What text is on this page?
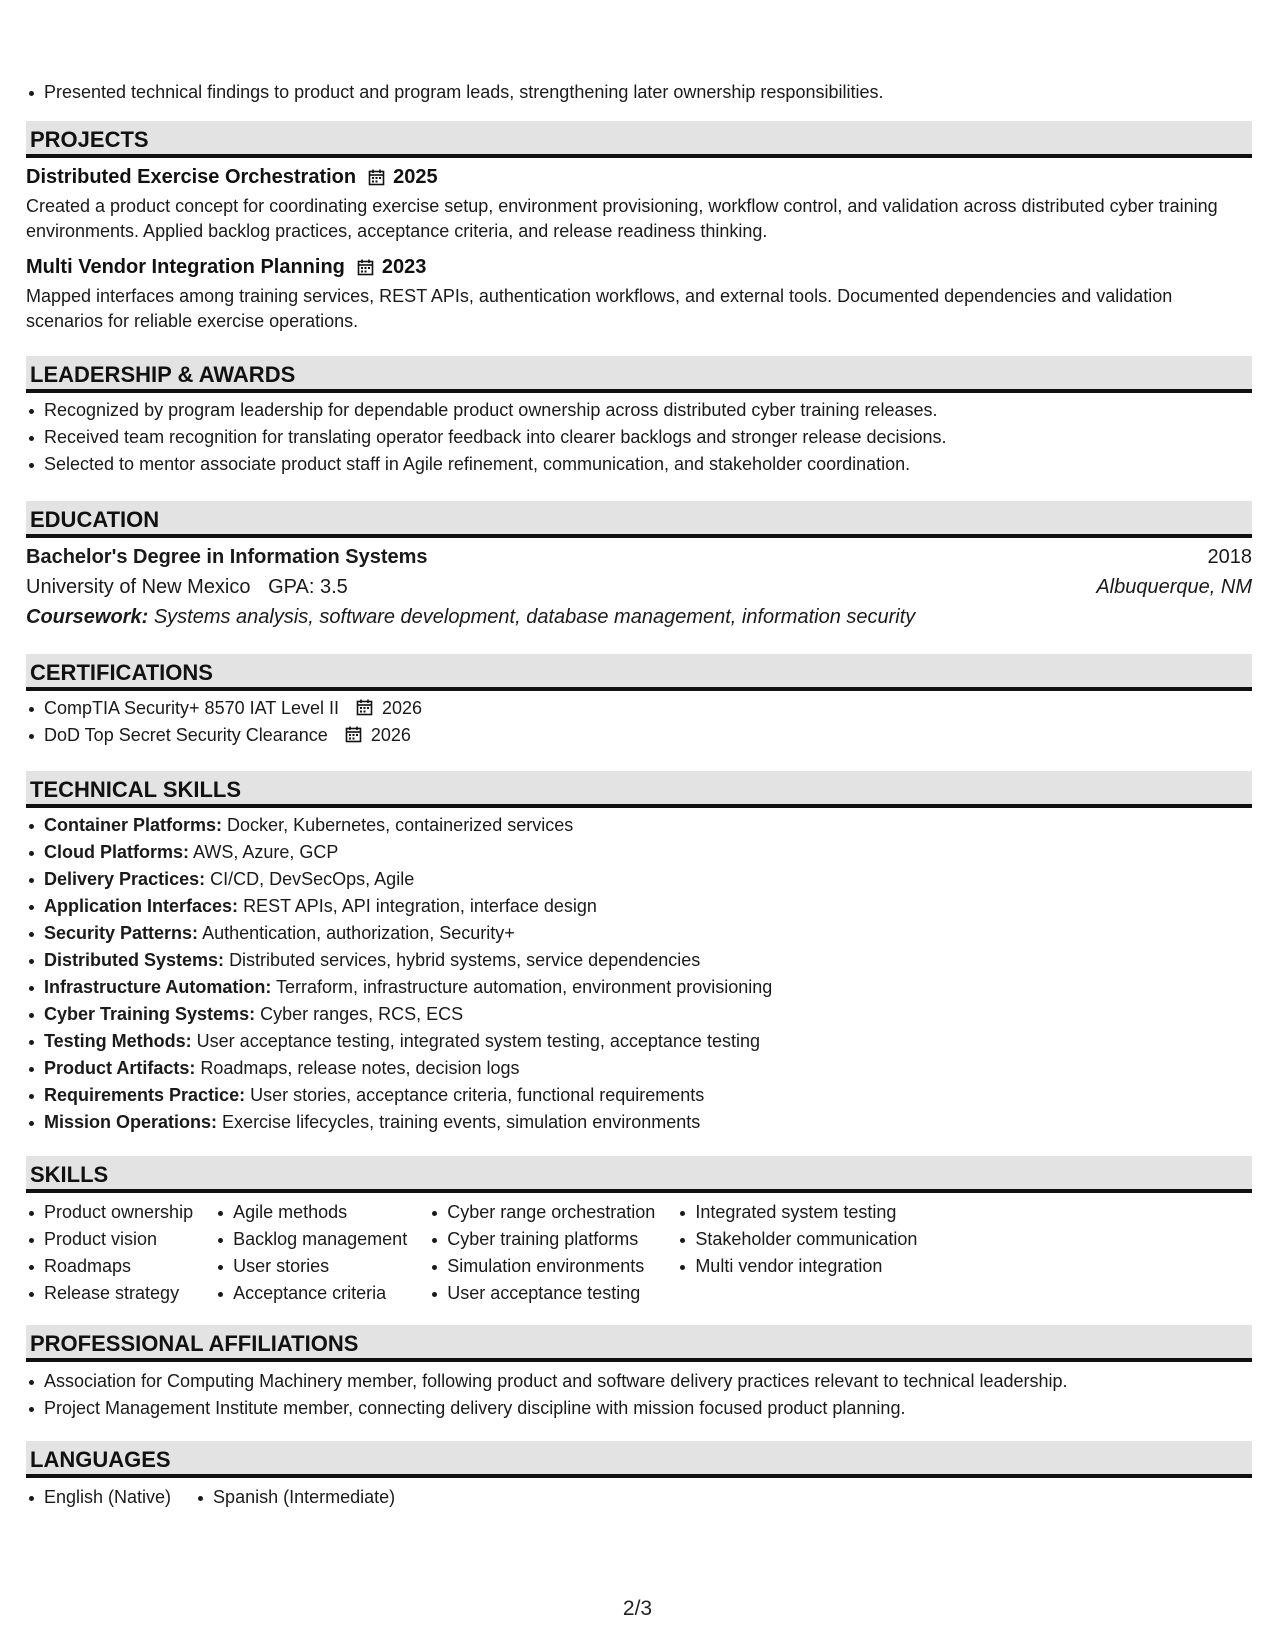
Presented technical findings to product and program leads, strengthening later ownership responsibilities.
PROJECTS
Distributed Exercise Orchestration 2025
Created a product concept for coordinating exercise setup, environment provisioning, workflow control, and validation across distributed cyber training environments. Applied backlog practices, acceptance criteria, and release readiness thinking.
Multi Vendor Integration Planning 2023
Mapped interfaces among training services, REST APIs, authentication workflows, and external tools. Documented dependencies and validation scenarios for reliable exercise operations.
LEADERSHIP & AWARDS
Recognized by program leadership for dependable product ownership across distributed cyber training releases.
Received team recognition for translating operator feedback into clearer backlogs and stronger release decisions.
Selected to mentor associate product staff in Agile refinement, communication, and stakeholder coordination.
EDUCATION
Bachelor's Degree in Information Systems	2018
University of New Mexico GPA: 3.5	Albuquerque, NM
Coursework: Systems analysis, software development, database management, information security
CERTIFICATIONS
CompTIA Security+ 8570 IAT Level II 2026
DoD Top Secret Security Clearance 2026
TECHNICAL SKILLS
Container Platforms: Docker, Kubernetes, containerized services
Cloud Platforms: AWS, Azure, GCP
Delivery Practices: CI/CD, DevSecOps, Agile
Application Interfaces: REST APIs, API integration, interface design
Security Patterns: Authentication, authorization, Security+
Distributed Systems: Distributed services, hybrid systems, service dependencies
Infrastructure Automation: Terraform, infrastructure automation, environment provisioning
Cyber Training Systems: Cyber ranges, RCS, ECS
Testing Methods: User acceptance testing, integrated system testing, acceptance testing
Product Artifacts: Roadmaps, release notes, decision logs
Requirements Practice: User stories, acceptance criteria, functional requirements
Mission Operations: Exercise lifecycles, training events, simulation environments
SKILLS
Product ownership
Product vision
Roadmaps
Release strategy
Agile methods
Backlog management
User stories
Acceptance criteria
Cyber range orchestration
Cyber training platforms
Simulation environments
User acceptance testing
Integrated system testing
Stakeholder communication
Multi vendor integration
PROFESSIONAL AFFILIATIONS
Association for Computing Machinery member, following product and software delivery practices relevant to technical leadership.
Project Management Institute member, connecting delivery discipline with mission focused product planning.
LANGUAGES
English (Native)	Spanish (Intermediate)
2/3
